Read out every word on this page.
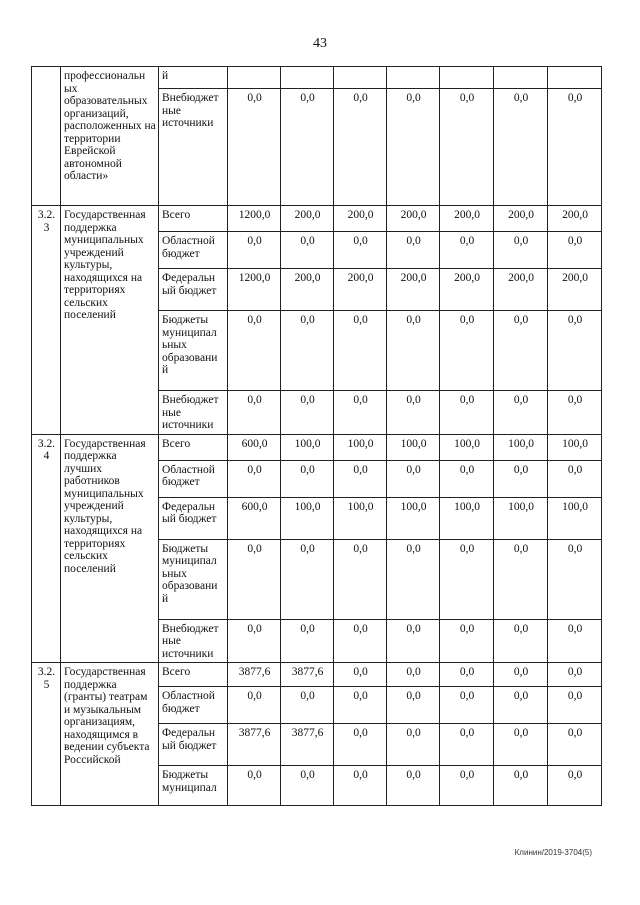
43
	профессиональн ых образовательных организаций, расположенных на территории Еврейской автономной области»	й							
		Внебюджет ные источники	0,0	0,0	0,0	0,0	0,0	0,0	0,0
3.2. 3	Государственная поддержка муниципальных учреждений культуры, находящихся на территориях сельских поселений	Всего	1200,0	200,0	200,0	200,0	200,0	200,0	200,0
		Областной бюджет	0,0	0,0	0,0	0,0	0,0	0,0	0,0
		Федеральн ый бюджет	1200,0	200,0	200,0	200,0	200,0	200,0	200,0
		Бюджеты муниципал ьных образовани й	0,0	0,0	0,0	0,0	0,0	0,0	0,0
		Внебюджет ные источники	0,0	0,0	0,0	0,0	0,0	0,0	0,0
3.2. 4	Государственная поддержка лучших работников муниципальных учреждений культуры, находящихся на территориях сельских поселений	Всего	600,0	100,0	100,0	100,0	100,0	100,0	100,0
		Областной бюджет	0,0	0,0	0,0	0,0	0,0	0,0	0,0
		Федеральн ый бюджет	600,0	100,0	100,0	100,0	100,0	100,0	100,0
		Бюджеты муниципал ьных образовани й	0,0	0,0	0,0	0,0	0,0	0,0	0,0
		Внебюджет ные источники	0,0	0,0	0,0	0,0	0,0	0,0	0,0
3.2. 5	Государственная поддержка (гранты) театрам и музыкальным организациям, находящимся в ведении субъекта Российской	Всего	3877,6	3877,6	0,0	0,0	0,0	0,0	0,0
		Областной бюджет	0,0	0,0	0,0	0,0	0,0	0,0	0,0
		Федеральн ый бюджет	3877,6	3877,6	0,0	0,0	0,0	0,0	0,0
		Бюджеты муниципал	0,0	0,0	0,0	0,0	0,0	0,0	0,0
Клинин/2019-3704(5)
